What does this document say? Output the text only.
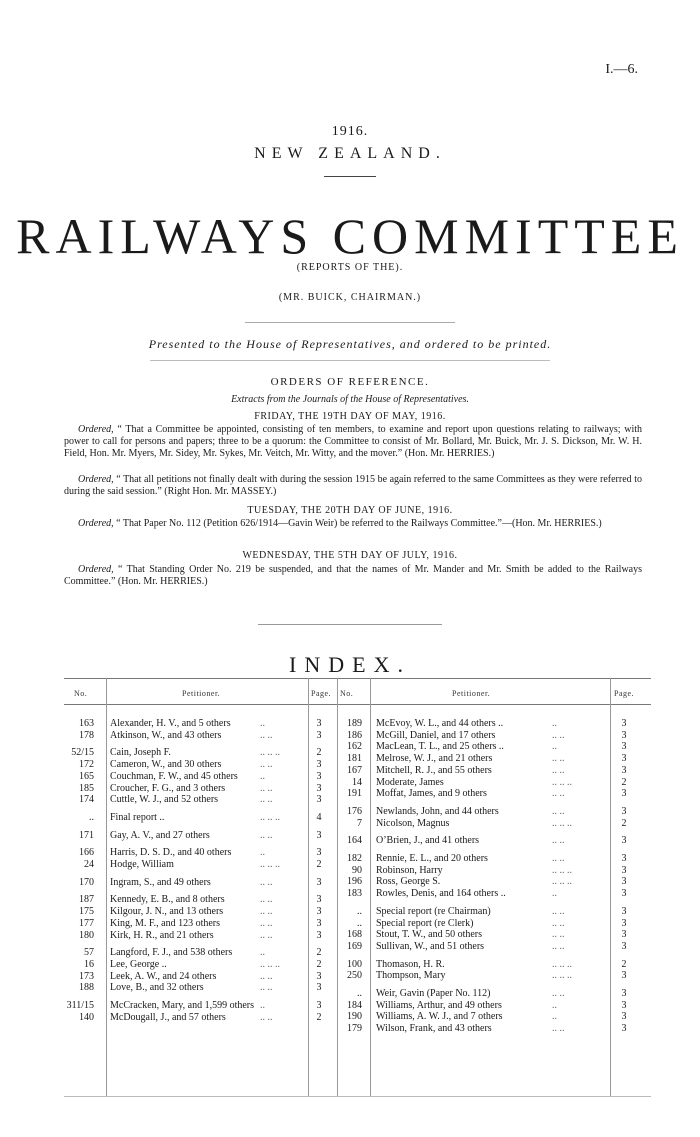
I.—6.
1916.
NEW ZEALAND.
RAILWAYS COMMITTEE
(REPORTS OF THE).
(MR. BUICK, CHAIRMAN.)
Presented to the House of Representatives, and ordered to be printed.
ORDERS OF REFERENCE.
Extracts from the Journals of the House of Representatives.
FRIDAY, THE 19TH DAY OF MAY, 1916.
Ordered, “ That a Committee be appointed, consisting of ten members, to examine and report upon questions relating to railways; with power to call for persons and papers; three to be a quorum: the Committee to consist of Mr. Bollard, Mr. Buick, Mr. J. S. Dickson, Mr. W. H. Field, Hon. Mr. Myers, Mr. Sidey, Mr. Sykes, Mr. Veitch, Mr. Witty, and the mover.” (Hon. Mr. HERRIES.)
Ordered, “ That all petitions not finally dealt with during the session 1915 be again referred to the same Committees as they were referred to during the said session.” (Right Hon. Mr. MASSEY.)
TUESDAY, THE 20TH DAY OF JUNE, 1916.
Ordered, “ That Paper No. 112 (Petition 626/1914—Gavin Weir) be referred to the Railways Committee.”—(Hon. Mr. HERRIES.)
WEDNESDAY, THE 5TH DAY OF JULY, 1916.
Ordered, “ That Standing Order No. 219 be suspended, and that the names of Mr. Mander and Mr. Smith be added to the Railways Committee.” (Hon. Mr. HERRIES.)
INDEX.
No.	Petitioner.	Page. No.	Petitioner.	Page.
163 Alexander, H. V., and 5 others	..	3
178 Atkinson, W., and 43 others	.. ..	3
52/15 Cain, Joseph F.	.. .. ..	2
172 Cameron, W., and 30 others	.. ..	3
165 Couchman, F. W., and 45 others ..	3
185 Croucher, F. G., and 3 others	.. ..	3
174 Cuttle, W. J., and 52 others	.. ..	3
.. Final report ..	.. .. ..	4
171 Gay, A. V., and 27 others	.. ..	3
166 Harris, D. S. D., and 40 others	..	3
24 Hodge, William	.. .. ..	2
170 Ingram, S., and 49 others	.. ..	3
187 Kennedy, E. B., and 8 others	.. ..	3
175 Kilgour, J. N., and 13 others	.. ..	3
177 King, M. F., and 123 others	.. ..	3
180 Kirk, H. R., and 21 others	.. ..	3
57 Langford, F. J., and 538 others	..	2
16 Lee, George ..	.. .. ..	2
173 Leek, A. W., and 24 others	.. ..	3
188 Love, B., and 32 others	.. ..	3
311/15 McCracken, Mary, and 1,599 others ..	3
140 McDougall, J., and 57 others	.. ..	2
189 McEvoy, W. L., and 44 others ..	..	3
186 McGill, Daniel, and 17 others	.. ..	3
162 MacLean, T. L., and 25 others ..	..	3
181 Melrose, W. J., and 21 others	.. ..	3
167 Mitchell, R. J., and 55 others	.. ..	3
14 Moderate, James	.. .. ..	2
191 Moffat, James, and 9 others	.. ..	3
176 Newlands, John, and 44 others	.. ..	3
7 Nicolson, Magnus	.. .. ..	2
164 O’Brien, J., and 41 others	.. ..	3
182 Rennie, E. L., and 20 others	.. ..	3
90 Robinson, Harry	.. .. ..	3
196 Ross, George S.	.. .. ..	3
183 Rowles, Denis, and 164 others ..	..	3
.. Special report (re Chairman)	.. ..	3
.. Special report (re Clerk)	.. ..	3
168 Stout, T. W., and 50 others	.. ..	3
169 Sullivan, W., and 51 others	.. ..	3
100 Thomason, H. R.	.. .. ..	2
250 Thompson, Mary	.. .. ..	3
.. Weir, Gavin (Paper No. 112)	.. ..	3
184 Williams, Arthur, and 49 others	..	3
190 Williams, A. W. J., and 7 others	..	3
179 Wilson, Frank, and 43 others	.. ..	3
